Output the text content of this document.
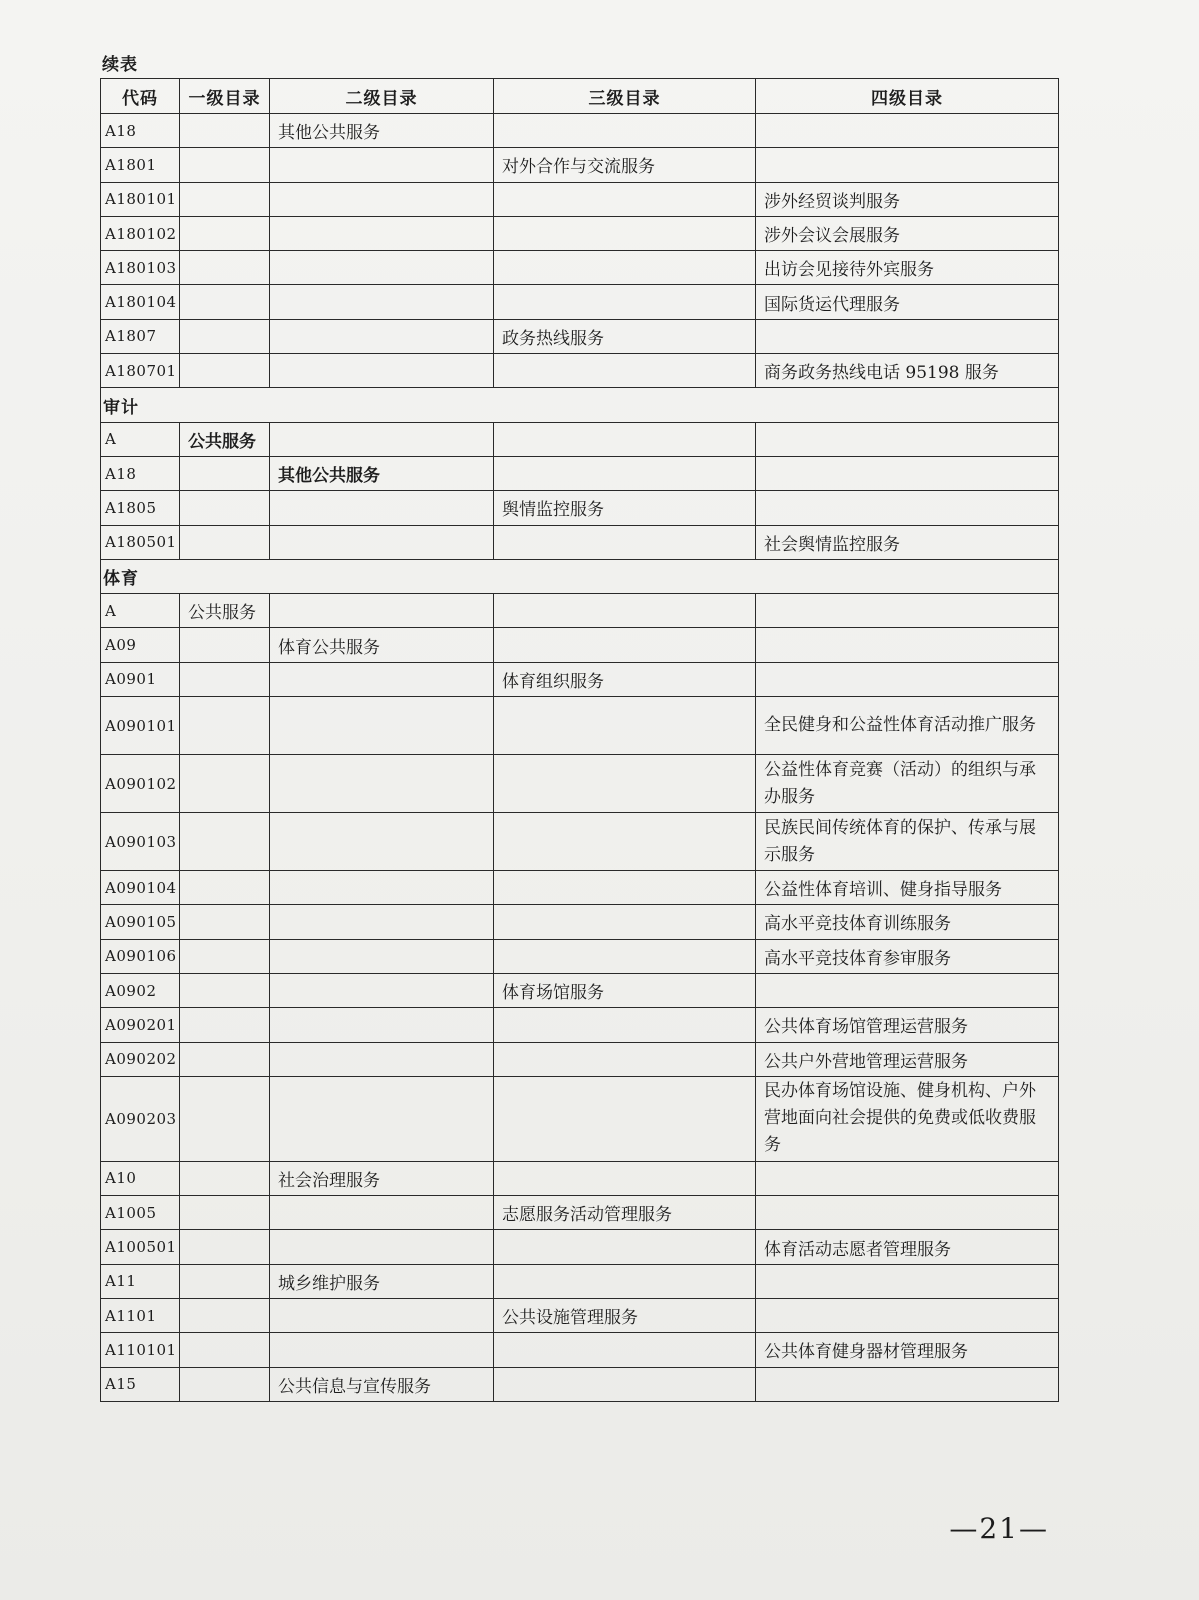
续表
代码	一级目录	二级目录	三级目录	四级目录
A18		其他公共服务		
A1801			对外合作与交流服务	
A180101				涉外经贸谈判服务
A180102				涉外会议会展服务
A180103				出访会见接待外宾服务
A180104				国际货运代理服务
A1807			政务热线服务	
A180701				商务政务热线电话 95198 服务
审计				
A	公共服务			
A18		其他公共服务		
A1805			舆情监控服务	
A180501				社会舆情监控服务
体育				
A	公共服务			
A09		体育公共服务		
A0901			体育组织服务	
A090101				全民健身和公益性体育活动推广服务
A090102				公益性体育竞赛（活动）的组织与承办服务
A090103				民族民间传统体育的保护、传承与展示服务
A090104				公益性体育培训、健身指导服务
A090105				高水平竞技体育训练服务
A090106				高水平竞技体育参审服务
A0902			体育场馆服务	
A090201				公共体育场馆管理运营服务
A090202				公共户外营地管理运营服务
A090203				民办体育场馆设施、健身机构、户外营地面向社会提供的免费或低收费服务
A10		社会治理服务		
A1005			志愿服务活动管理服务	
A100501				体育活动志愿者管理服务
A11		城乡维护服务		
A1101			公共设施管理服务	
A110101				公共体育健身器材管理服务
A15		公共信息与宣传服务		
—21—
